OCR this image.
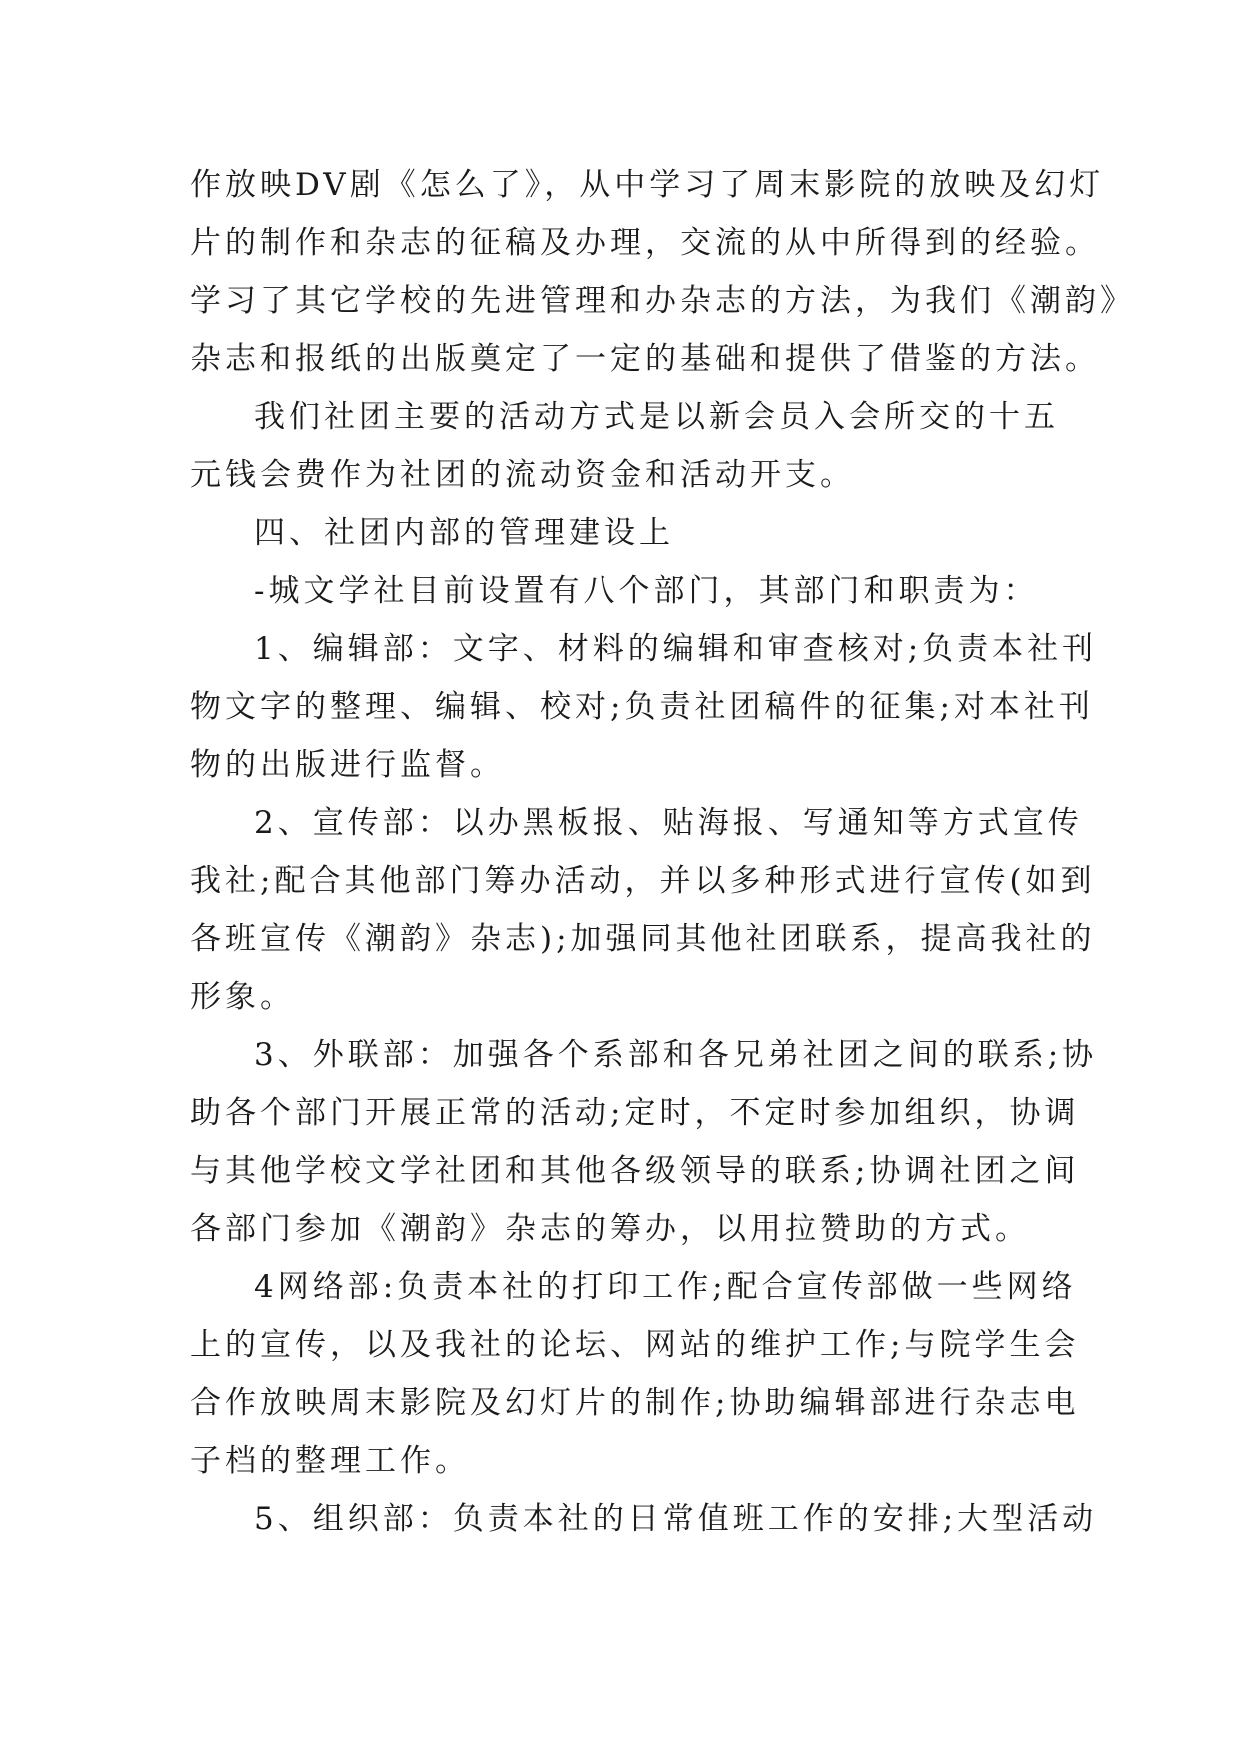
作放映DV剧《怎么了》，从中学习了周末影院的放映及幻灯
片的制作和杂志的征稿及办理，交流的从中所得到的经验。
学习了其它学校的先进管理和办杂志的方法，为我们《潮韵》
杂志和报纸的出版奠定了一定的基础和提供了借鉴的方法。
我们社团主要的活动方式是以新会员入会所交的十五
元钱会费作为社团的流动资金和活动开支。
四、社团内部的管理建设上
-城文学社目前设置有八个部门，其部门和职责为：
1、编辑部：文字、材料的编辑和审查核对;负责本社刊
物文字的整理、编辑、校对;负责社团稿件的征集;对本社刊
物的出版进行监督。
2、宣传部：以办黑板报、贴海报、写通知等方式宣传
我社;配合其他部门筹办活动，并以多种形式进行宣传(如到
各班宣传《潮韵》杂志);加强同其他社团联系，提高我社的
形象。
3、外联部：加强各个系部和各兄弟社团之间的联系;协
助各个部门开展正常的活动;定时，不定时参加组织，协调
与其他学校文学社团和其他各级领导的联系;协调社团之间
各部门参加《潮韵》杂志的筹办，以用拉赞助的方式。
4网络部:负责本社的打印工作;配合宣传部做一些网络
上的宣传，以及我社的论坛、网站的维护工作;与院学生会
合作放映周末影院及幻灯片的制作;协助编辑部进行杂志电
子档的整理工作。
5、组织部：负责本社的日常值班工作的安排;大型活动
